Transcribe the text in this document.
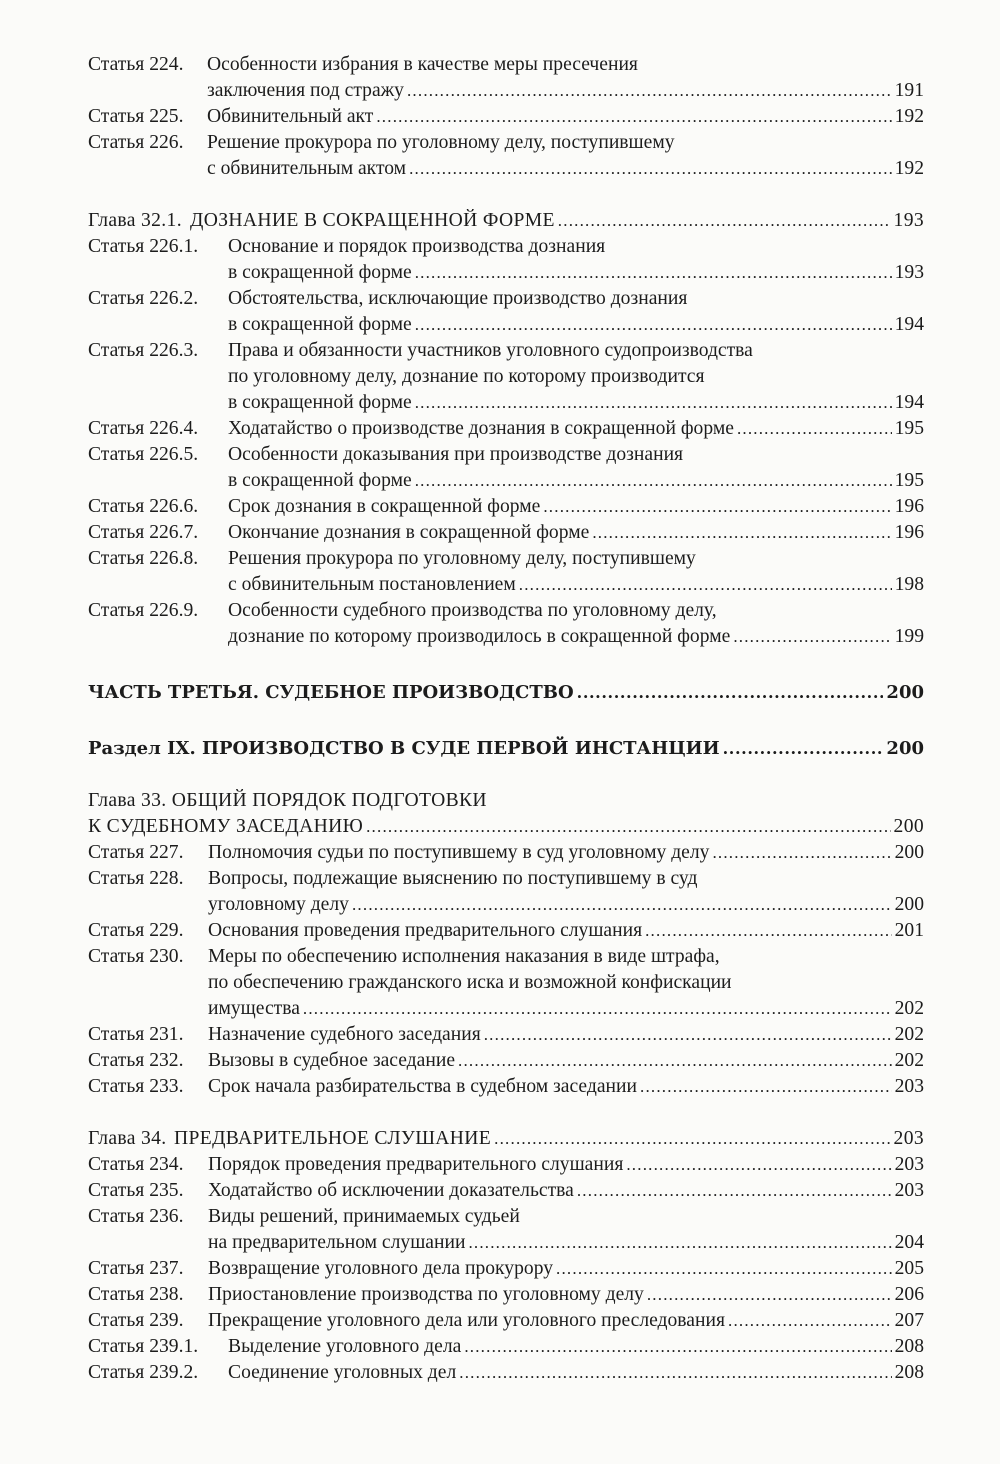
Статья 224.	Особенности избрания в качестве меры пресечения
заключения под стражу .....	191
Статья 225.	Обвинительный акт .....	192
Статья 226.	Решение прокурора по уголовному делу, поступившему
с обвинительным актом .....	192
Глава 32.1. ДОЗНАНИЕ В СОКРАЩЕННОЙ ФОРМЕ .....	193
Статья 226.1.	Основание и порядок производства дознания
в сокращенной форме .....	193
Статья 226.2.	Обстоятельства, исключающие производство дознания
в сокращенной форме .....	194
Статья 226.3.	Права и обязанности участников уголовного судопроизводства
по уголовному делу, дознание по которому производится
в сокращенной форме .....	194
Статья 226.4.	Ходатайство о производстве дознания в сокращенной форме .....	195
Статья 226.5.	Особенности доказывания при производстве дознания
в сокращенной форме .....	195
Статья 226.6.	Срок дознания в сокращенной форме .....	196
Статья 226.7.	Окончание дознания в сокращенной форме .....	196
Статья 226.8.	Решения прокурора по уголовному делу, поступившему
с обвинительным постановлением .....	198
Статья 226.9.	Особенности судебного производства по уголовному делу,
дознание по которому производилось в сокращенной форме .....	199
ЧАСТЬ ТРЕТЬЯ. СУДЕБНОЕ ПРОИЗВОДСТВО .....	200
Раздел IX. ПРОИЗВОДСТВО В СУДЕ ПЕРВОЙ ИНСТАНЦИИ .....	200
Глава 33. ОБЩИЙ ПОРЯДОК ПОДГОТОВКИ
К СУДЕБНОМУ ЗАСЕДАНИЮ .....	200
Статья 227.	Полномочия судьи по поступившему в суд уголовному делу .....	200
Статья 228.	Вопросы, подлежащие выяснению по поступившему в суд
уголовному делу .....	200
Статья 229.	Основания проведения предварительного слушания .....	201
Статья 230.	Меры по обеспечению исполнения наказания в виде штрафа,
по обеспечению гражданского иска и возможной конфискации
имущества .....	202
Статья 231.	Назначение судебного заседания .....	202
Статья 232.	Вызовы в судебное заседание .....	202
Статья 233.	Срок начала разбирательства в судебном заседании .....	203
Глава 34. ПРЕДВАРИТЕЛЬНОЕ СЛУШАНИЕ .....	203
Статья 234.	Порядок проведения предварительного слушания .....	203
Статья 235.	Ходатайство об исключении доказательства .....	203
Статья 236.	Виды решений, принимаемых судьей
на предварительном слушании .....	204
Статья 237.	Возвращение уголовного дела прокурору .....	205
Статья 238.	Приостановление производства по уголовному делу .....	206
Статья 239.	Прекращение уголовного дела или уголовного преследования .....	207
Статья 239.1.	Выделение уголовного дела .....	208
Статья 239.2.	Соединение уголовных дел .....	208
